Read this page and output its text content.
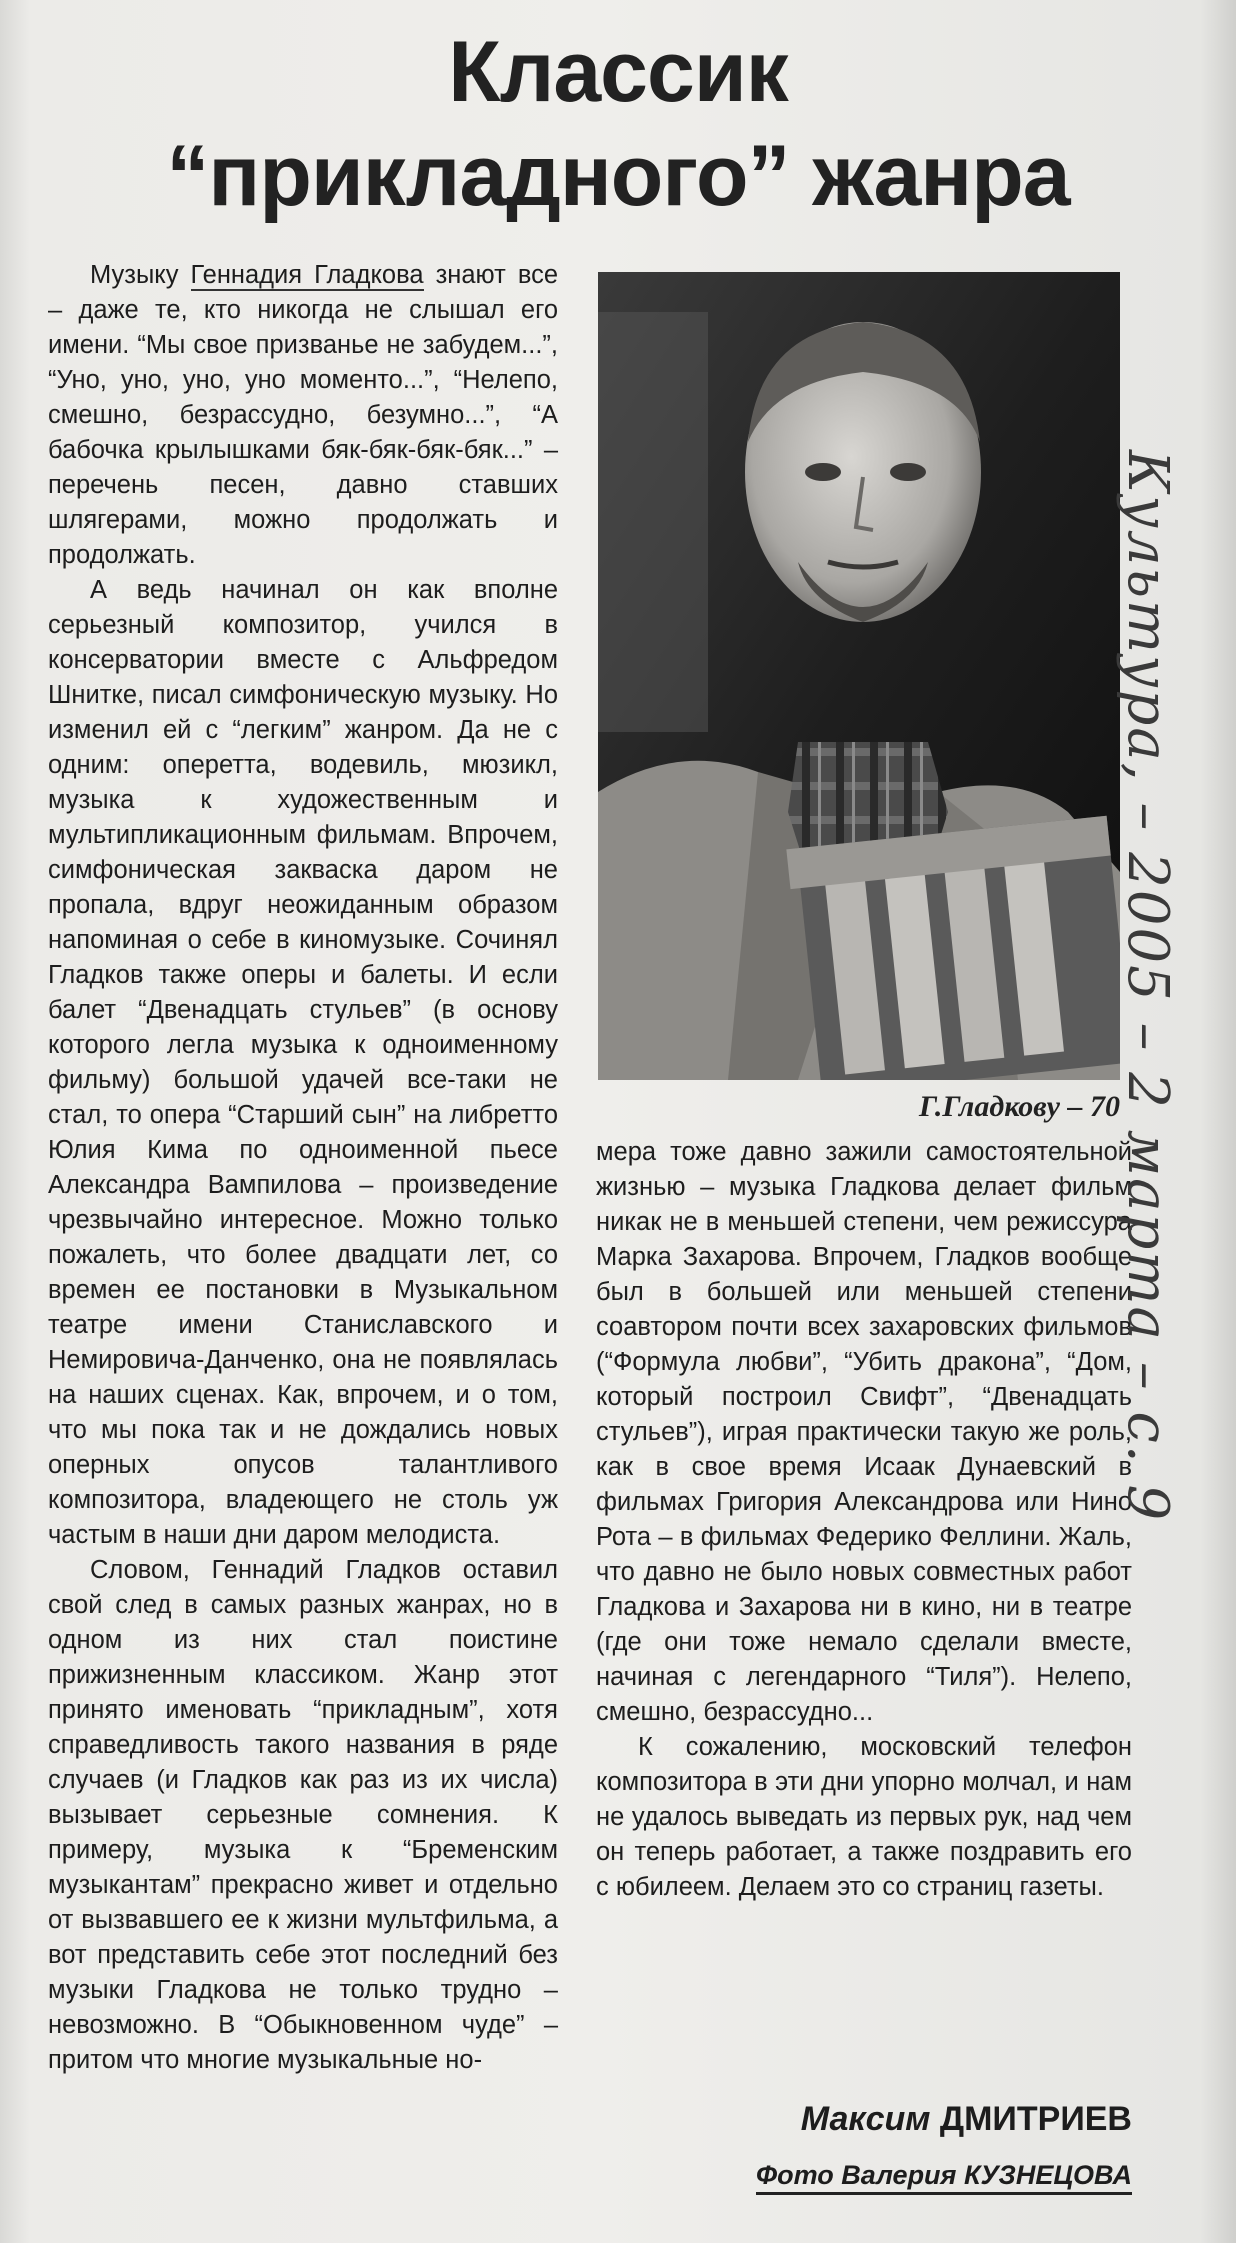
Классик
“прикладного” жанра

Музыку Геннадия Гладкова знают все – даже те, кто никогда не слышал его имени. “Мы свое призванье не забудем...”, “Уно, уно, уно, уно моменто...”, “Нелепо, смешно, безрассудно, безумно...”, “А бабочка крылышками бяк-бяк-бяк-бяк...” – перечень песен, давно ставших шлягерами, можно продолжать и продолжать.

А ведь начинал он как вполне серьезный композитор, учился в консерватории вместе с Альфредом Шнитке, писал симфоническую музыку. Но изменил ей с “легким” жанром. Да не с одним: оперетта, водевиль, мюзикл, музыка к художественным и мультипликационным фильмам. Впрочем, симфоническая закваска даром не пропала, вдруг неожиданным образом напоминая о себе в киномузыке. Сочинял Гладков также оперы и балеты. И если балет “Двенадцать стульев” (в основу которого легла музыка к одноименному фильму) большой удачей все-таки не стал, то опера “Старший сын” на либретто Юлия Кима по одноименной пьесе Александра Вампилова – произведение чрезвычайно интересное. Можно только пожалеть, что более двадцати лет, со времен ее постановки в Музыкальном театре имени Станиславского и Немировича-Данченко, она не появлялась на наших сценах. Как, впрочем, и о том, что мы пока так и не дождались новых оперных опусов талантливого композитора, владеющего не столь уж частым в наши дни даром мелодиста.

Словом, Геннадий Гладков оставил свой след в самых разных жанрах, но в одном из них стал поистине прижизненным классиком. Жанр этот принято именовать “прикладным”, хотя справедливость такого названия в ряде случаев (и Гладков как раз из их числа) вызывает серьезные сомнения. К примеру, музыка к “Бременским музыкантам” прекрасно живет и отдельно от вызвавшего ее к жизни мультфильма, а вот представить себе этот последний без музыки Гладкова не только трудно – невозможно. В “Обыкновенном чуде” – притом что многие музыкальные но-

Г.Гладкову – 70

мера тоже давно зажили самостоятельной жизнью – музыка Гладкова делает фильм никак не в меньшей степени, чем режиссура Марка Захарова. Впрочем, Гладков вообще был в большей или меньшей степени соавтором почти всех захаровских фильмов (“Формула любви”, “Убить дракона”, “Дом, который построил Свифт”, “Двенадцать стульев”), играя практически такую же роль, как в свое время Исаак Дунаевский в фильмах Григория Александрова или Нино Рота – в фильмах Федерико Феллини. Жаль, что давно не было новых совместных работ Гладкова и Захарова ни в кино, ни в театре (где они тоже немало сделали вместе, начиная с легендарного “Тиля”). Нелепо, смешно, безрассудно...

К сожалению, московский телефон композитора в эти дни упорно молчал, и нам не удалось выведать из первых рук, над чем он теперь работает, а также поздравить его с юбилеем. Делаем это со страниц газеты.

Максим ДМИТРИЕВ
Фото Валерия КУЗНЕЦОВА
Культура, – 2005 – 2 марта – с. 9
